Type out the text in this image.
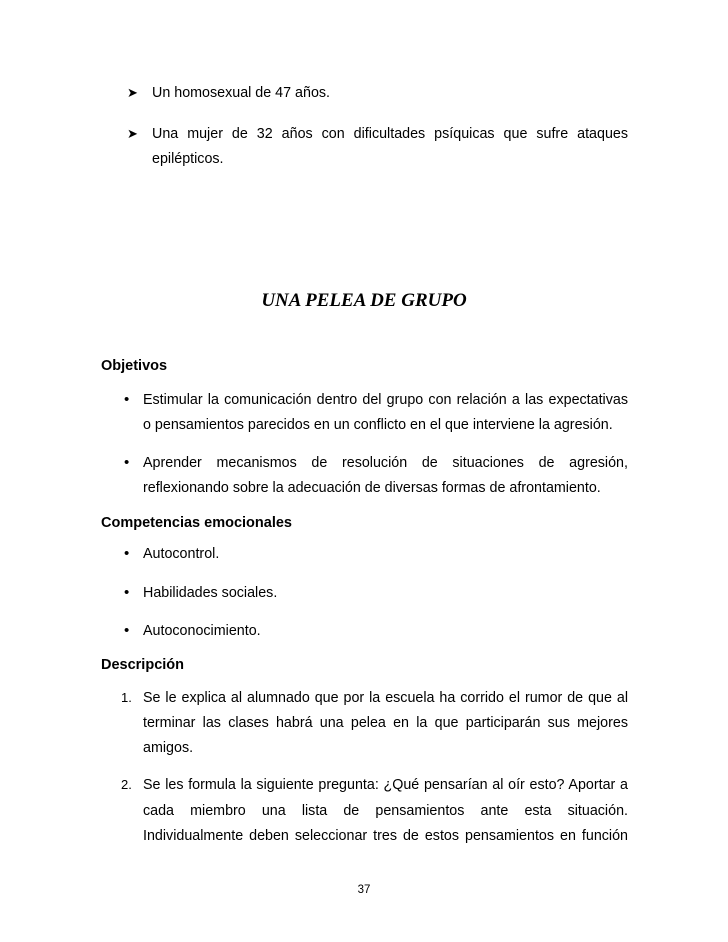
➤ Un homosexual de 47 años.
➤ Una mujer de 32 años con dificultades psíquicas que sufre ataques
epilépticos.
UNA PELEA DE GRUPO
Objetivos
• Estimular la comunicación dentro del grupo con relación a las expectativas
o pensamientos parecidos en un conflicto en el que interviene la agresión.
• Aprender mecanismos de resolución de situaciones de agresión,
reflexionando sobre la adecuación de diversas formas de afrontamiento.
Competencias emocionales
• Autocontrol.
• Habilidades sociales.
• Autoconocimiento.
Descripción
1. Se le explica al alumnado que por la escuela ha corrido el rumor de que al
terminar las clases habrá una pelea en la que participarán sus mejores
amigos.
2. Se les formula la siguiente pregunta: ¿Qué pensarían al oír esto? Aportar a
cada miembro una lista de pensamientos ante esta situación.
Individualmente deben seleccionar tres de estos pensamientos en función
37
